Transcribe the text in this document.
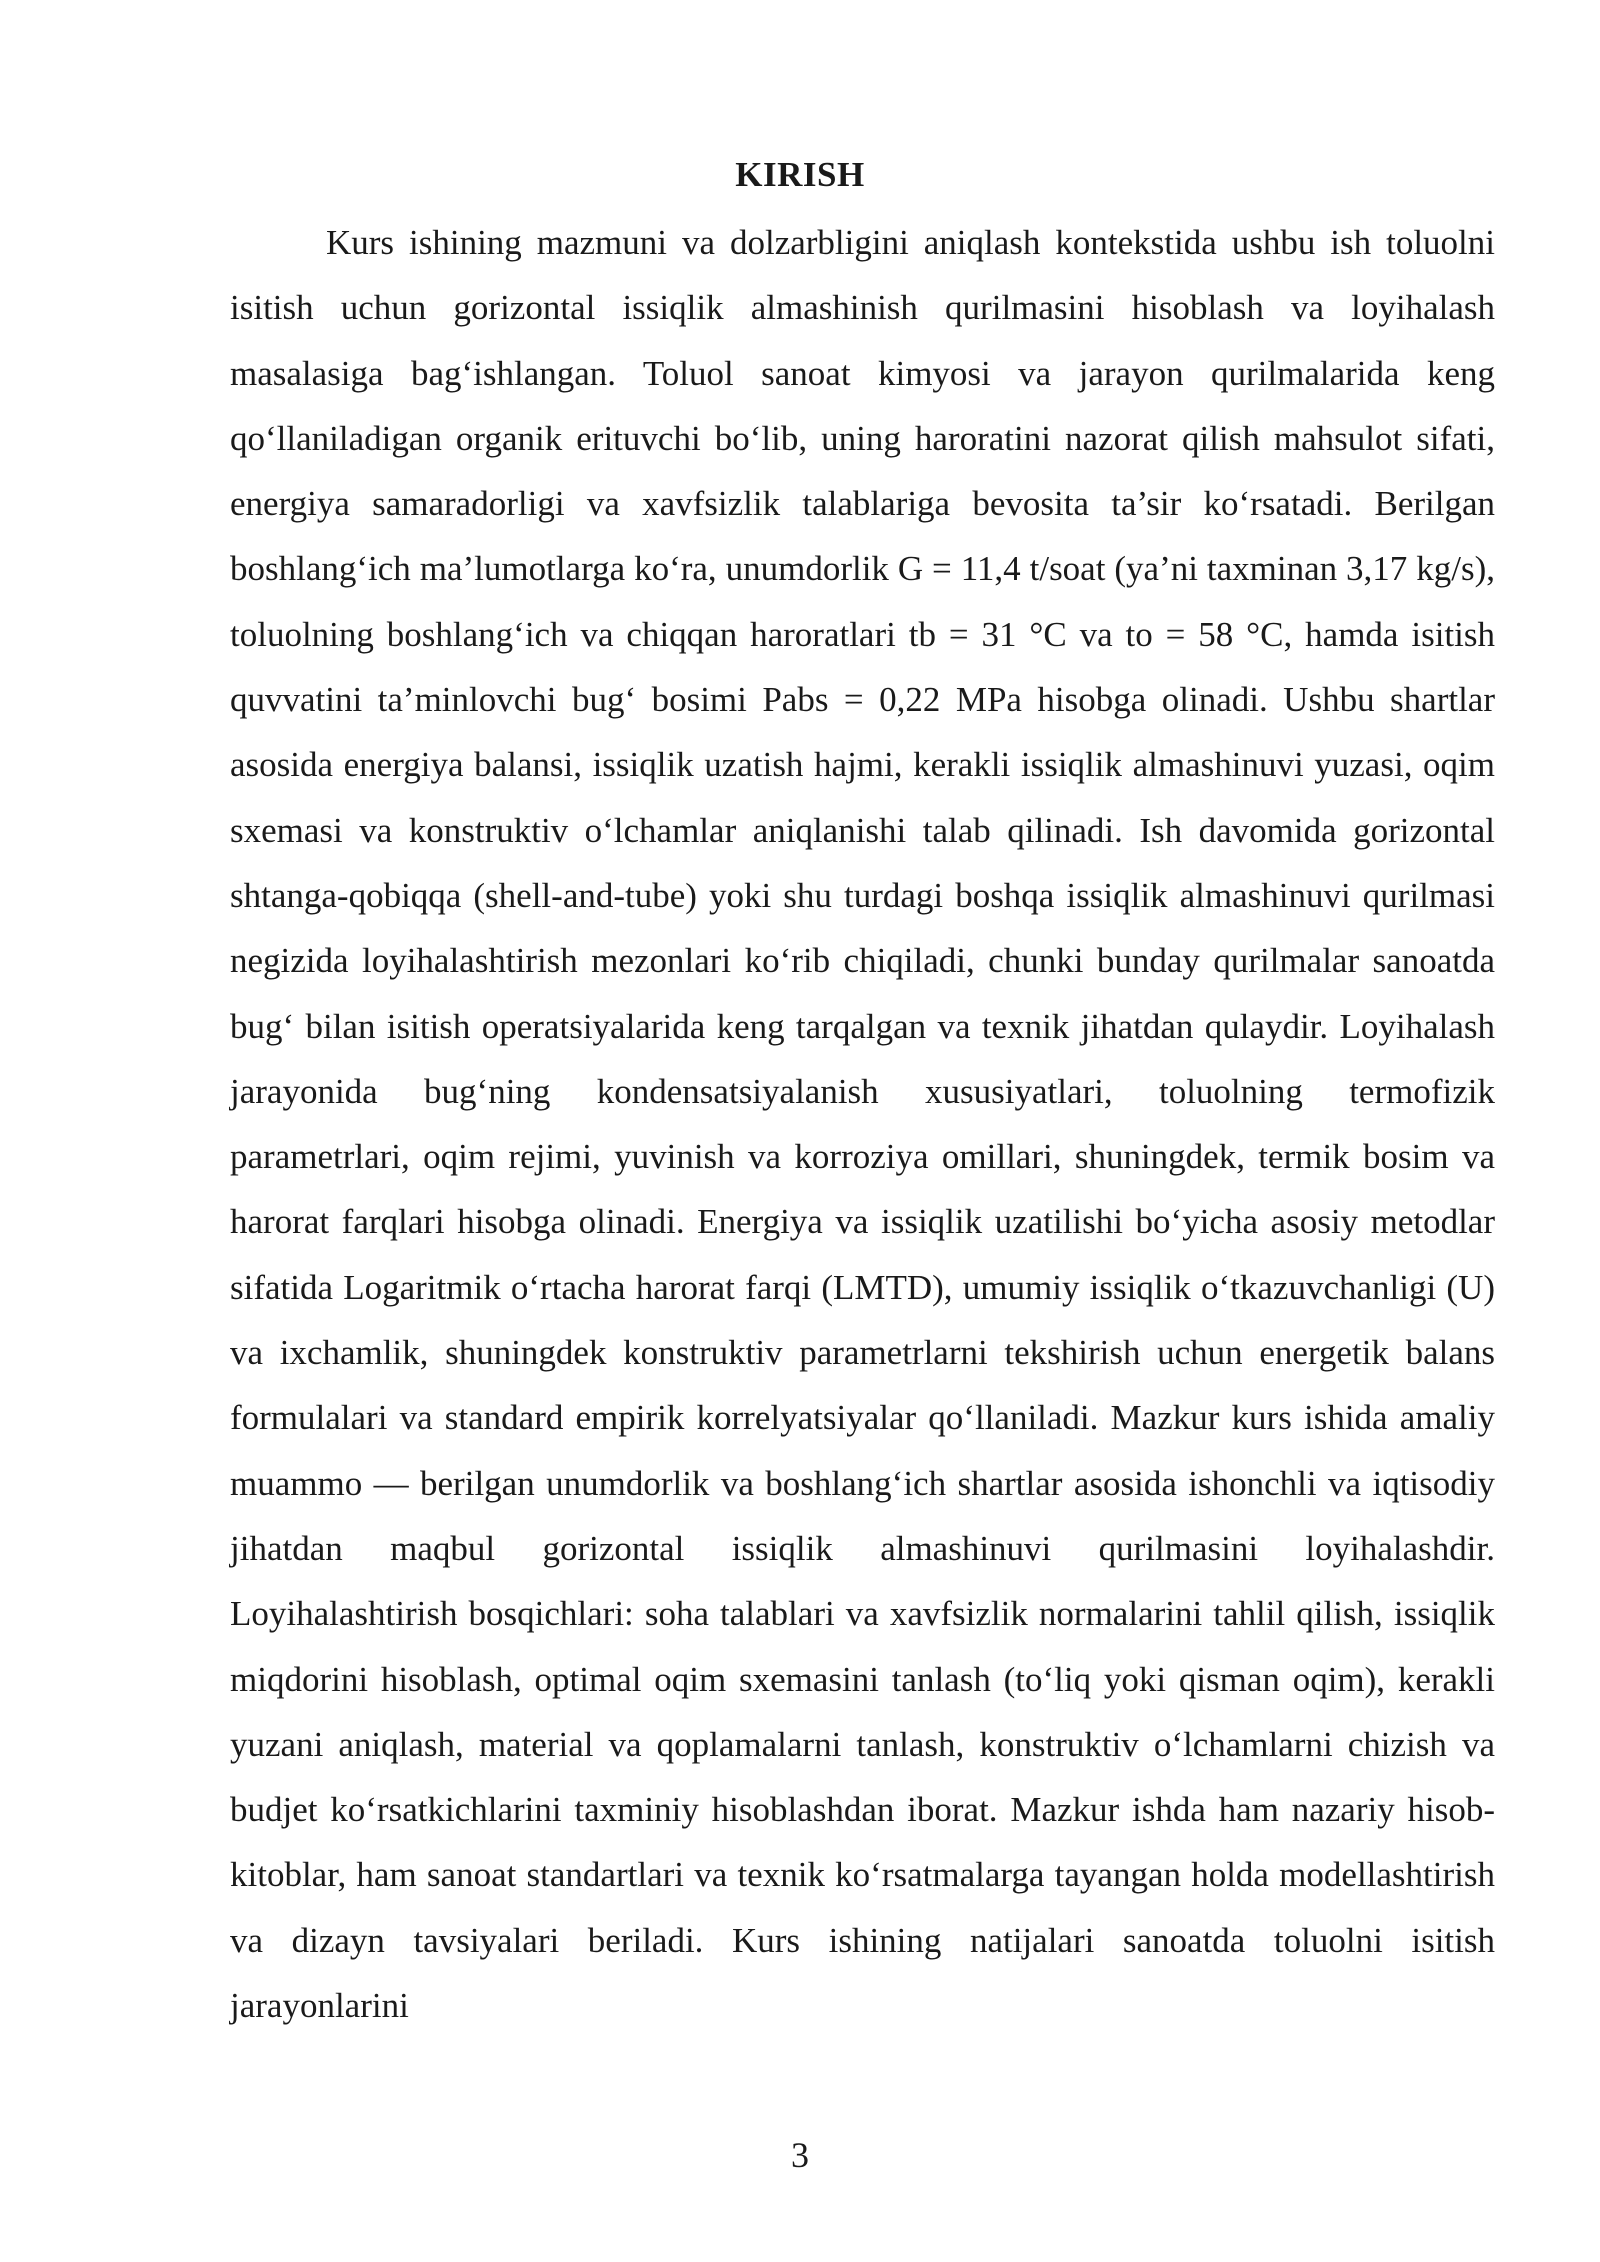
KIRISH

Kurs ishining mazmuni va dolzarbligini aniqlash kontekstida ushbu ish toluolni isitish uchun gorizontal issiqlik almashinish qurilmasini hisoblash va loyihalash masalasiga bag‘ishlangan. Toluol sanoat kimyosi va jarayon qurilmalarida keng qo‘llaniladigan organik erituvchi bo‘lib, uning haroratini nazorat qilish mahsulot sifati, energiya samaradorligi va xavfsizlik talablariga bevosita ta’sir ko‘rsatadi. Berilgan boshlang‘ich ma’lumotlarga ko‘ra, unumdorlik G = 11,4 t/soat (ya’ni taxminan 3,17 kg/s), toluolning boshlang‘ich va chiqqan haroratlari tb = 31 °C va to = 58 °C, hamda isitish quvvatini ta’minlovchi bug‘ bosimi Pabs = 0,22 MPa hisobga olinadi. Ushbu shartlar asosida energiya balansi, issiqlik uzatish hajmi, kerakli issiqlik almashinuvi yuzasi, oqim sxemasi va konstruktiv o‘lchamlar aniqlanishi talab qilinadi. Ish davomida gorizontal shtanga-qobiqqa (shell-and-tube) yoki shu turdagi boshqa issiqlik almashinuvi qurilmasi negizida loyihalashtirish mezonlari ko‘rib chiqiladi, chunki bunday qurilmalar sanoatda bug‘ bilan isitish operatsiyalarida keng tarqalgan va texnik jihatdan qulaydir. Loyihalash jarayonida bug‘ning kondensatsiyalanish xususiyatlari, toluolning termofizik parametrlari, oqim rejimi, yuvinish va korroziya omillari, shuningdek, termik bosim va harorat farqlari hisobga olinadi. Energiya va issiqlik uzatilishi bo‘yicha asosiy metodlar sifatida Logaritmik o‘rtacha harorat farqi (LMTD), umumiy issiqlik o‘tkazuvchanligi (U) va ixchamlik, shuningdek konstruktiv parametrlarni tekshirish uchun energetik balans formulalari va standard empirik korrelyatsiyalar qo‘llaniladi. Mazkur kurs ishida amaliy muammo — berilgan unumdorlik va boshlang‘ich shartlar asosida ishonchli va iqtisodiy jihatdan maqbul gorizontal issiqlik almashinuvi qurilmasini loyihalashdir. Loyihalashtirish bosqichlari: soha talablari va xavfsizlik normalarini tahlil qilish, issiqlik miqdorini hisoblash, optimal oqim sxemasini tanlash (to‘liq yoki qisman oqim), kerakli yuzani aniqlash, material va qoplamalarni tanlash, konstruktiv o‘lchamlarni chizish va budjet ko‘rsatkichlarini taxminiy hisoblashdan iborat. Mazkur ishda ham nazariy hisob-kitoblar, ham sanoat standartlari va texnik ko‘rsatmalarga tayangan holda modellashtirish va dizayn tavsiyalari beriladi. Kurs ishining natijalari sanoatda toluolni isitish jarayonlarini

3
